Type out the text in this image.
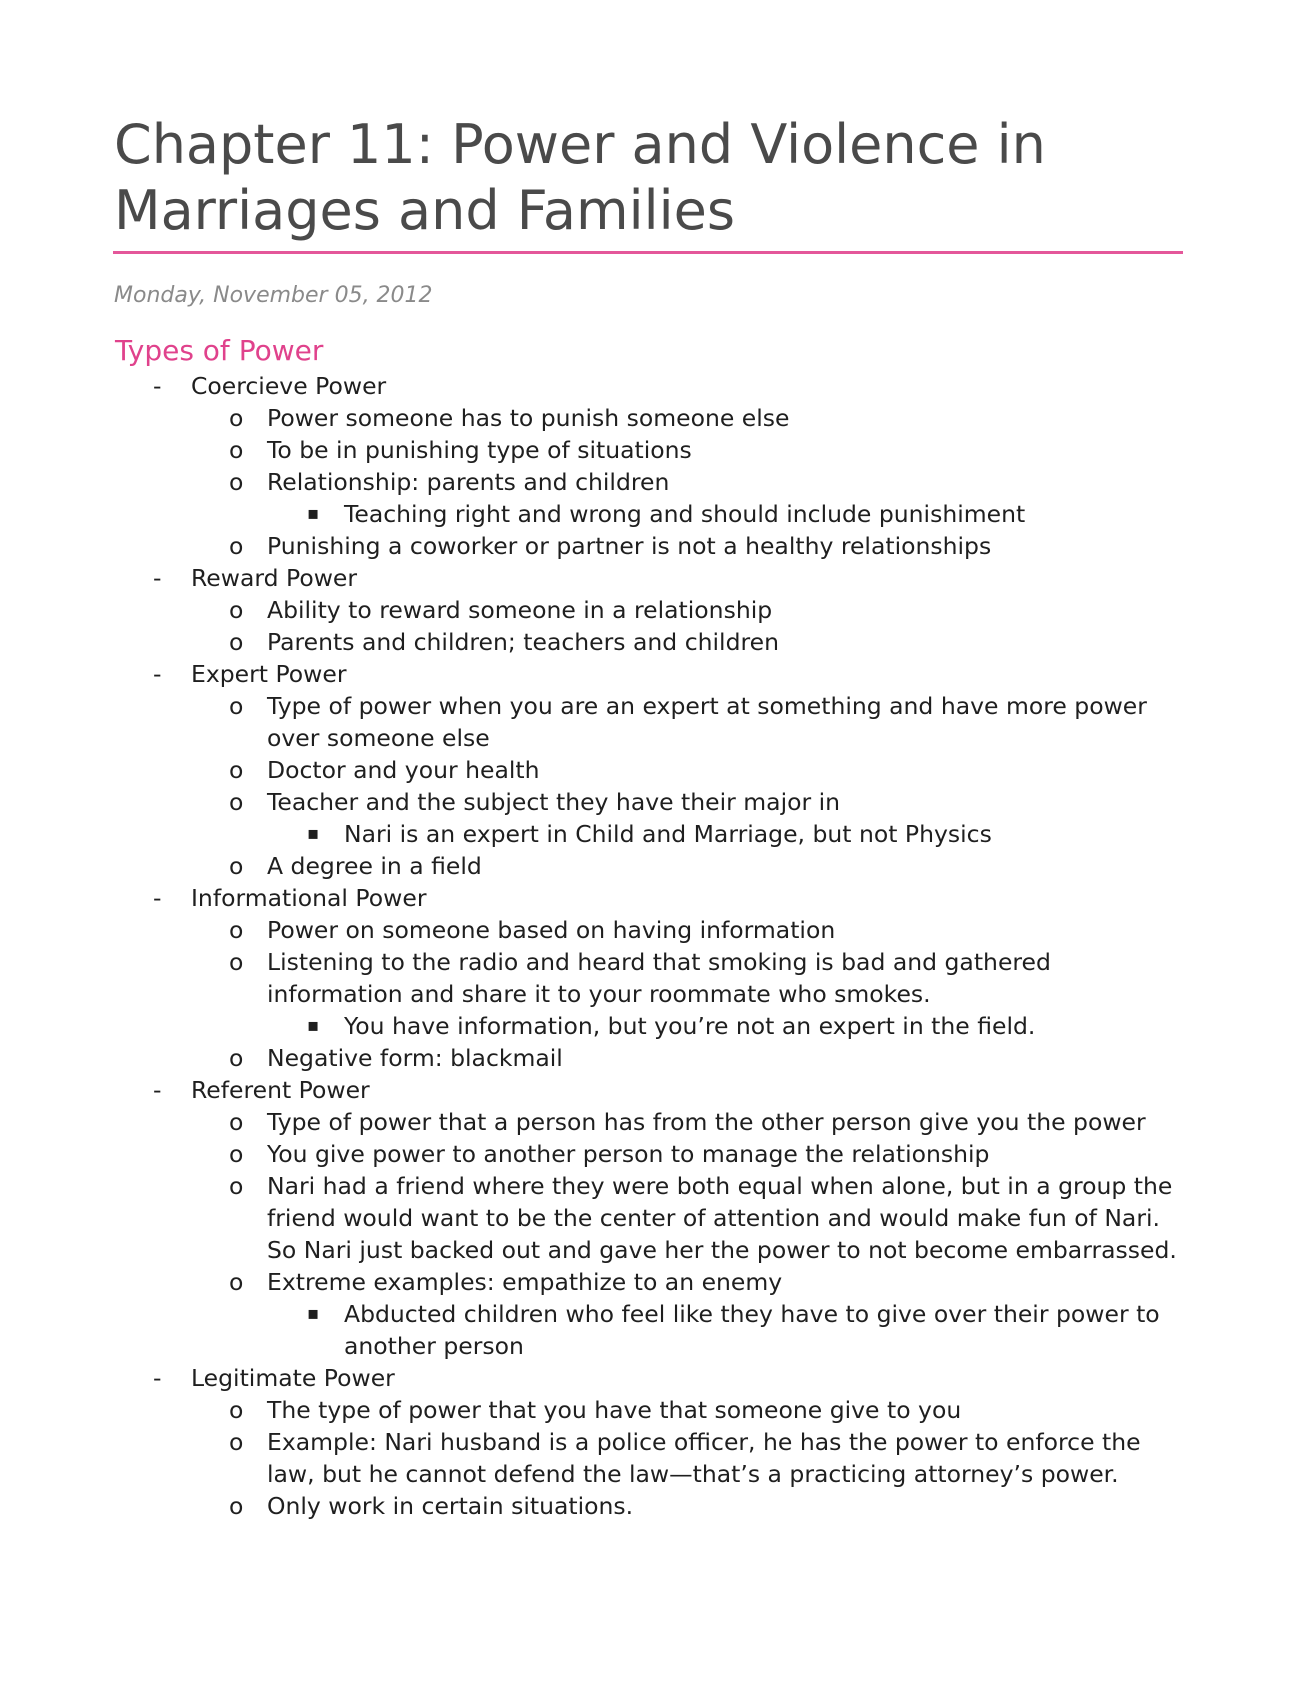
Chapter 11: Power and Violence in Marriages and Families
Monday, November 05, 2012
Types of Power
- Coercieve Power
o Power someone has to punish someone else
o To be in punishing type of situations
o Relationship: parents and children
▪ Teaching right and wrong and should include punishiment
o Punishing a coworker or partner is not a healthy relationships
- Reward Power
o Ability to reward someone in a relationship
o Parents and children; teachers and children
- Expert Power
o Type of power when you are an expert at something and have more power over someone else
o Doctor and your health
o Teacher and the subject they have their major in
▪ Nari is an expert in Child and Marriage, but not Physics
o A degree in a field
- Informational Power
o Power on someone based on having information
o Listening to the radio and heard that smoking is bad and gathered information and share it to your roommate who smokes.
▪ You have information, but you’re not an expert in the field.
o Negative form: blackmail
- Referent Power
o Type of power that a person has from the other person give you the power
o You give power to another person to manage the relationship
o Nari had a friend where they were both equal when alone, but in a group the friend would want to be the center of attention and would make fun of Nari. So Nari just backed out and gave her the power to not become embarrassed.
o Extreme examples: empathize to an enemy
▪ Abducted children who feel like they have to give over their power to another person
- Legitimate Power
o The type of power that you have that someone give to you
o Example: Nari husband is a police officer, he has the power to enforce the law, but he cannot defend the law—that’s a practicing attorney’s power.
o Only work in certain situations.
